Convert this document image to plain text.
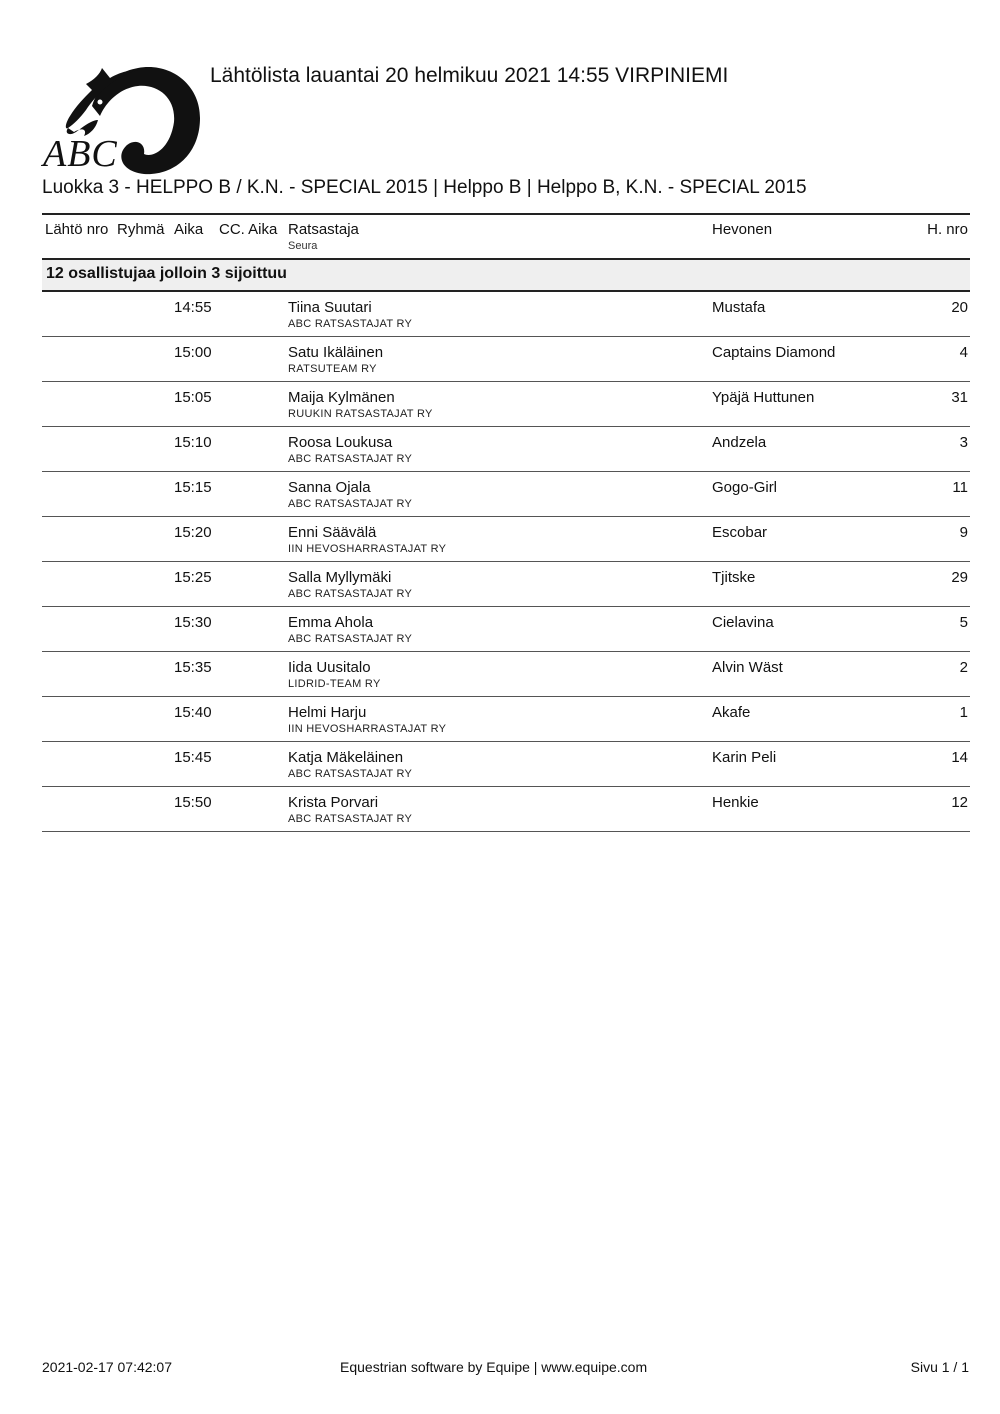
ABC
Lähtölista lauantai 20 helmikuu 2021 14:55 VIRPINIEMI
Luokka 3 - HELPPO B / K.N. - SPECIAL 2015 | Helppo B | Helppo B, K.N. - SPECIAL 2015
Lähtö nro Ryhmä Aika CC. Aika Ratsastaja
Seura
Hevonen	H. nro
12 osallistujaa jolloin 3 sijoittuu
14:55	Tiina Suutari
ABC RATSASTAJAT RY
Mustafa	20
15:00	Satu Ikäläinen
RATSUTEAM RY
Captains Diamond	4
15:05	Maija Kylmänen
RUUKIN RATSASTAJAT RY
Ypäjä Huttunen	31
15:10	Roosa Loukusa
ABC RATSASTAJAT RY
Andzela	3
15:15	Sanna Ojala
ABC RATSASTAJAT RY
Gogo-Girl	11
15:20	Enni Säävälä
IIN HEVOSHARRASTAJAT RY
Escobar	9
15:25	Salla Myllymäki
ABC RATSASTAJAT RY
Tjitske	29
15:30	Emma Ahola
ABC RATSASTAJAT RY
Cielavina	5
15:35	Iida Uusitalo
LIDRID-TEAM RY
Alvin Wäst	2
15:40	Helmi Harju
IIN HEVOSHARRASTAJAT RY
Akafe	1
15:45	Katja Mäkeläinen
ABC RATSASTAJAT RY
Karin Peli	14
15:50	Krista Porvari
ABC RATSASTAJAT RY
Henkie	12
2021-02-17 07:42:07	Equestrian software by Equipe | www.equipe.com	Sivu 1 / 1
